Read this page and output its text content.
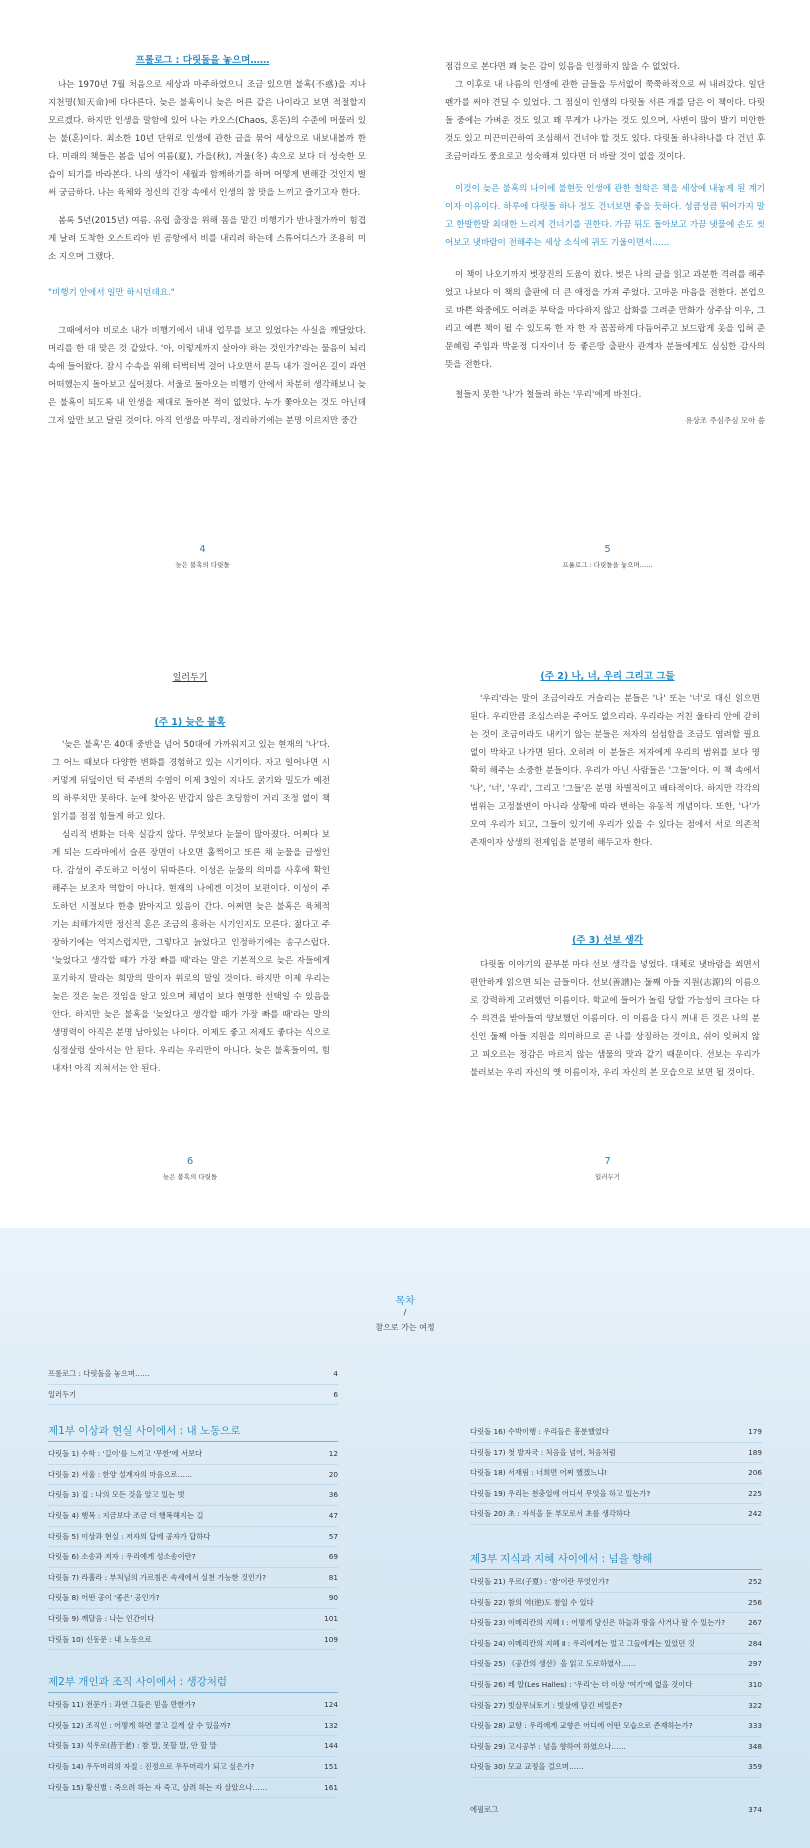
프롤로그 : 다릿돌을 놓으며……

나는 1970년 7월 처음으로 세상과 마주하였으니 조금 있으면 불혹(不惑)을 지나 지천명(知天命)에 다다른다. 늦은 불혹이니 늦은 어른 같은 나이라고 보면 적절할지 모르겠다. 하지만 인생을 말함에 있어 나는 카오스(Chaos, 혼돈)의 수준에 머물러 있는 불(혼)이다. 최소한 10년 단위로 인생에 관한 글을 묶어 세상으로 내보내볼까 한다. 미래의 책들은 봄을 넘어 여름(夏), 가을(秋), 겨울(冬) 속으로 보다 더 성숙한 모습이 되기를 바라본다. 나의 생각이 세월과 함께하기를 하며 어떻게 변해갈 것인지 벌써 궁금하다. 나는 육체와 정신의 긴장 속에서 인생의 참 맛을 느끼고 즐기고자 한다.

봄록 5년(2015년) 여름. 유럽 출장을 위해 몸을 맡긴 비행기가 반나절가까이 힘겹게 날려 도착한 오스트리아 빈 공항에서 비를 내리려 하는데 스튜어디스가 조용히 미소 지으며 그랬다.

"비행기 안에서 일만 하시던데요."

그때에서야 비로소 내가 비행기에서 내내 업무를 보고 있었다는 사실을 깨달았다. 머리를 한 대 맞은 것 같았다. '아, 이렇게까지 살아야 하는 것인가?'라는 물음이 뇌리 속에 들어왔다. 잠시 수속을 위해 터벅터벅 걸어 나오면서 문득 내가 걸어온 길이 과연 어떠했는지 돌아보고 싶어졌다. 서울로 돌아오는 비행기 안에서 차분히 생각해보니 늦은 불혹이 되도록 내 인생을 제대로 돌아본 적이 없었다. 누가 쫓아오는 것도 아닌데 그저 앞만 보고 달린 것이다. 아직 인생을 마무리, 정리하기에는 분명 이르지만 중간

4
늦은 불혹의 다릿돌

점검으로 본다면 꽤 늦은 감이 있음을 인정하지 않을 수 없었다.

그 이후로 내 나름의 인생에 관한 글들을 두서없이 쭉쭉하적으로 써 내려갔다. 일단 펜가를 써야 견딜 수 있었다. 그 점실이 인생의 다릿돌 서른 개를 담은 이 책이다. 다릿돌 중에는 가벼운 것도 있고 꽤 무게가 나가는 것도 있으며, 사변이 많이 발기 미안한 것도 있고 미끈미끈하여 조심해서 건너야 할 것도 있다. 다릿돌 하나하나를 다 건넌 후 조금이라도 풍요로고 성숙해져 있다면 더 바랄 것이 없을 것이다.

이것이 늦은 불혹의 나이에 불현듯 인생에 관한 철학은 책을 세상에 내놓게 된 계기이자 이유이다. 하루에 다릿돌 하나 정도 건너보면 좋을 듯하다. 성큼성큼 뛰어가지 말고 한발한발 최대한 느리게 건너기를 권한다. 가끔 뒤도 돌아보고 가끔 냇물에 손도 씻어보고 냇바람이 전해주는 세상 소식에 귀도 기울이면서……

이 책이 나오기까지 벗장진의 도움이 컸다. 벗은 나의 글을 읽고 과분한 격려를 해주었고 나보다 이 책의 출판에 더 큰 애정을 가져 주었다. 고마운 마음을 전한다. 본업으로 바쁜 와중에도 어려운 부탁을 마다하지 않고 삽화를 그려준 만화가 상주삼 이우, 그리고 예쁜 책이 될 수 있도록 한 자 한 자 꼼꼼하게 다듬어주고 보드랍게 옷을 입혀 준 문혜림 주임과 박윤정 디자이너 등 좋은땅 출판사 관계자 분들에게도 심심한 감사의 뜻을 전한다.

철들지 못한 '나'가 철들려 하는 '우리'에게 바친다.

유상조 주심주심 모아 씀
5
프롤로그 : 다릿돌을 놓으며……
일러두기
(주 1) 늦은 불혹

'늦은 불혹'은 40대 중반을 넘어 50대에 가까워지고 있는 현재의 '나'다. 그 어느 때보다 다양한 변화를 경험하고 있는 시기이다. 자고 일어나면 시커멓게 뒤덮이던 턱 주변의 수염이 이제 3일이 지나도 굵기와 밀도가 예전의 하루치만 못하다. 눈에 찾아온 반갑지 않은 초딩함이 거리 조정 없이 책 읽기를 점점 힘들게 하고 있다.

심리적 변화는 더욱 실감지 않다. 무엇보다 눈물이 많아졌다. 어쩌다 보게 되는 드라마에서 슬픈 장면이 나오면 훌쩍이고 또른 채 눈물을 글썽인다. 감성이 주도하고 이성이 뒤따른다. 이성은 눈물의 의미를 사후에 확인해주는 보조자 역할이 아니다. 현재의 나에겐 이것이 보편이다. 이성이 주도하던 시절보다 한층 밝아지고 있음이 간다. 어쩌면 늦은 불혹은 육체적 기는 쇠해가지만 정신적 혼은 조금의 흥하는 시기인지도 모른다. 젊다고 주장하기에는 억지스럽지만, 그렇다고 늙었다고 인정하기에는 송구스럽다. '늦었다고 생각할 때가 가장 빠를 때'라는 말은 기본적으로 늦은 자들에게 포기하지 말라는 희망의 말이자 위로의 말일 것이다. 하지만 이제 우리는 늦은 것은 늦은 것임을 알고 있으며 체념이 보다 현명한 선택일 수 있음을 안다. 하지만 늦은 불혹을 '늦었다고 생각할 때가 가장 빠를 때'라는 말의 생명력이 아직은 분명 남아있는 나이다. 이제도 좋고 저제도 좋다는 식으로 심정살렁 살아서는 안 된다. 우리는 우리만이 아니다. 늦은 불혹들이여, 힘내자! 아직 지쳐서는 안 된다.

6
늦은 불혹의 다릿돌
(주 2) 나, 너, 우리 그리고 그들

'우리'라는 말이 조금이라도 거슬리는 분들은 '나' 또는 '너'로 대신 읽으면 된다. 우리만큼 조심스러운 주어도 없으리라. 우리라는 거친 울타리 안에 갇히는 것이 조금이라도 내키기 않는 분들은 저자의 섬섬함을 조금도 염려할 필요 없이 박차고 나가면 된다. 오히려 이 분들은 저자에게 우리의 범위를 보다 명확히 해주는 소중한 분들이다. 우리가 아닌 사람들은 '그들'이다. 이 책 속에서 '나', '너', '우리', 그리고 '그들'은 분명 차별적이고 배타적이다. 하지만 각각의 범위는 고정불변이 아니라 상황에 따라 변하는 유동적 개념이다. 또한, '나'가 모여 우리가 되고, 그들이 있기에 우리가 있을 수 있다는 점에서 서로 의존적 존재이자 상생의 전제임을 분명히 해두고자 한다.

(주 3) 선보 생각

다릿돌 이야기의 끝부분 마다 선보 생각을 넣었다. 대체로 냇바람을 쐬면서 편안하게 읽으면 되는 글들이다. 선보(善譜)는 둘째 아들 지원(志源)의 이름으로 강력하게 고려했던 이름이다. 학교에 들어가 놀림 당할 가능성이 크다는 다수 의견을 받아들여 양보했던 이름이다. 이 이름을 다시 꺼내 든 것은 나의 분신인 둘째 아들 지원을 의미하므로 곧 나를 상징하는 것이요, 쉬이 잊혀지 않고 피오르는 정감은 마르지 않는 샘물의 맛과 같기 때문이다. 선보는 우리가 불러보는 우리 자신의 옛 이름이자, 우리 자신의 본 모습으로 보면 될 것이다.

7
일러두기
목차
/
참으로 가는 여정
프롤로그 : 다릿돌을 놓으며……	4
일러두기	6
제1부 이상과 현실 사이에서 : 내 노동으로
다릿돌 1) 수학 : '길이'를 느끼고 '무한'에 서보다	12
다릿돌 2) 서울 : 한양 설계자의 마음으로……	20
다릿돌 3) 집 : 나의 모든 것을 알고 있는 벗	36
다릿돌 4) 행복 : 지금보다 조금 더 행복해지는 길	47
다릿돌 5) 이상과 현실 : 저자의 답에 공자가 답하다	57
다릿돌 6) 소송과 저자 : 우리에게 성소송이란?	69
다릿돌 7) 라훌라 : 부처님의 가르침은 속세에서 실천 가능한 것인가?	81
다릿돌 8) 어떤 공이 '좋은' 공인가?	90
다릿돌 9) 깨달음 : 나는 인간이다	101
다릿돌 10) 신동문 : 내 노동으로	109
제2부 개인과 조직 사이에서 : 생강처럼
다릿돌 11) 전문가 : 과연 그들은 믿을 만한가?	124
다릿돌 12) 조직인 : 어떻게 하면 쿨고 길게 살 수 있을까?	132
다릿돌 13) 석우로(昔于老) : 참 말, 못할 말, 안 할 말	144
다릿돌 14) 우두머리의 자질 : 진정으로 우두머리가 되고 싶은가?	151
다릿돌 15) 황신별 : 죽으려 하는 자 죽고, 살려 하는 자 살았으나……	161
다릿돌 16) 수박이행 : 우리들은 흥분했었다	179
다릿돌 17) 첫 발자국 : 처음을 넘어, 처음처럼	189
다릿돌 18) 서재림 : 너희면 어찌 했겠느냐!	206
다릿돌 19) 우리는 천충일에 어디서 무엇을 하고 있는가?	225
다릿돌 20) 초 : 자식을 둔 부모로서 초를 생각하다	242
제3부 지식과 지혜 사이에서 : 넘을 향해
다릿돌 21) 우르(子夏) : '참'이란 무엇인가?	252
다릿돌 22) 참의 역(逆)도 참일 수 있다	256
다릿돌 23) 이메리칸의 지혜 Ⅰ : 어떻게 당신은 하늘과 땅을 사거나 팔 수 있는가?	267
다릿돌 24) 이메리칸의 지혜 Ⅱ : 우리에게는 얼고 그들에게는 있었던 것	284
다릿돌 25) 《공간의 생산》을 읽고 도로하였사……	297
다릿돌 26) 레 알(Les Halles) : '우리'는 더 이상 '여기'에 없을 것이다	310
다릿돌 27) 빗살무늬토기 : 빗살에 담긴 비밀은?	322
다릿돌 28) 교향 : 우리에게 교향은 어디에 어떤 모습으로 존재하는가?	333
다릿돌 29) 고시공부 : 넘을 향하여 하였으나……	348
다릿돌 30) 모교 교정을 걸으며……	359
에필로그	374
